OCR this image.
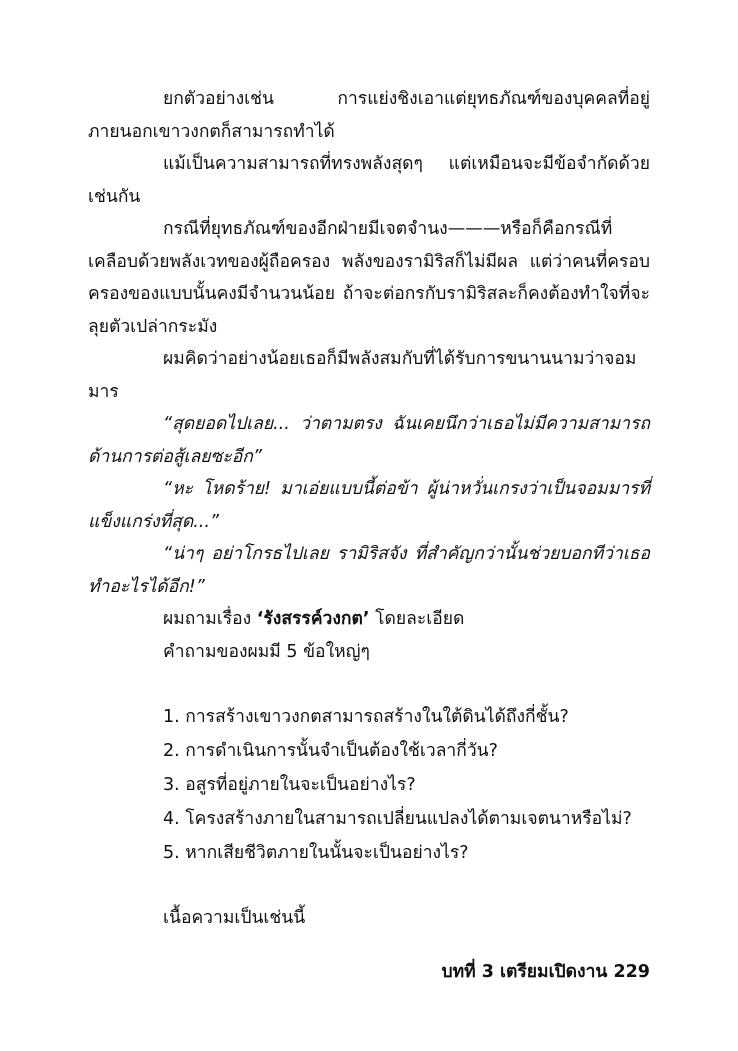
ยกตัวอย่างเช่น การแย่งชิงเอาแต่ยุทธภัณฑ์ของบุคคลที่อยู่ภายนอกเขาวงกตก็สามารถทำได้

แม้เป็นความสามารถที่ทรงพลังสุดๆ แต่เหมือนจะมีข้อจำกัดด้วยเช่นกัน

กรณีที่ยุทธภัณฑ์ของอีกฝ่ายมีเจตจำนง———หรือก็คือกรณีที่เคลือบด้วยพลังเวทของผู้ถือครอง พลังของรามิริสก็ไม่มีผล แต่ว่าคนที่ครอบครองของแบบนั้นคงมีจำนวนน้อย ถ้าจะต่อกรกับรามิริสละก็คงต้องทำใจที่จะลุยตัวเปล่ากระมัง

ผมคิดว่าอย่างน้อยเธอก็มีพลังสมกับที่ได้รับการขนานนามว่าจอมมาร

“สุดยอดไปเลย... ว่าตามตรง ฉันเคยนึกว่าเธอไม่มีความสามารถด้านการต่อสู้เลยซะอีก”

“หะ โหดร้าย! มาเอ่ยแบบนี้ต่อข้า ผู้น่าหวั่นเกรงว่าเป็นจอมมารที่แข็งแกร่งที่สุด...”

“น่าๆ อย่าโกรธไปเลย รามิริสจัง ที่สำคัญกว่านั้นช่วยบอกทีว่าเธอทำอะไรได้อีก!”

ผมถามเรื่อง ‘รังสรรค์วงกต’ โดยละเอียด

คำถามของผมมี 5 ข้อใหญ่ๆ

1. การสร้างเขาวงกตสามารถสร้างในใต้ดินได้ถึงกี่ชั้น?
2. การดำเนินการนั้นจำเป็นต้องใช้เวลากี่วัน?
3. อสูรที่อยู่ภายในจะเป็นอย่างไร?
4. โครงสร้างภายในสามารถเปลี่ยนแปลงได้ตามเจตนาหรือไม่?
5. หากเสียชีวิตภายในนั้นจะเป็นอย่างไร?

เนื้อความเป็นเช่นนี้

บทที่ 3 เตรียมเปิดงาน 229
